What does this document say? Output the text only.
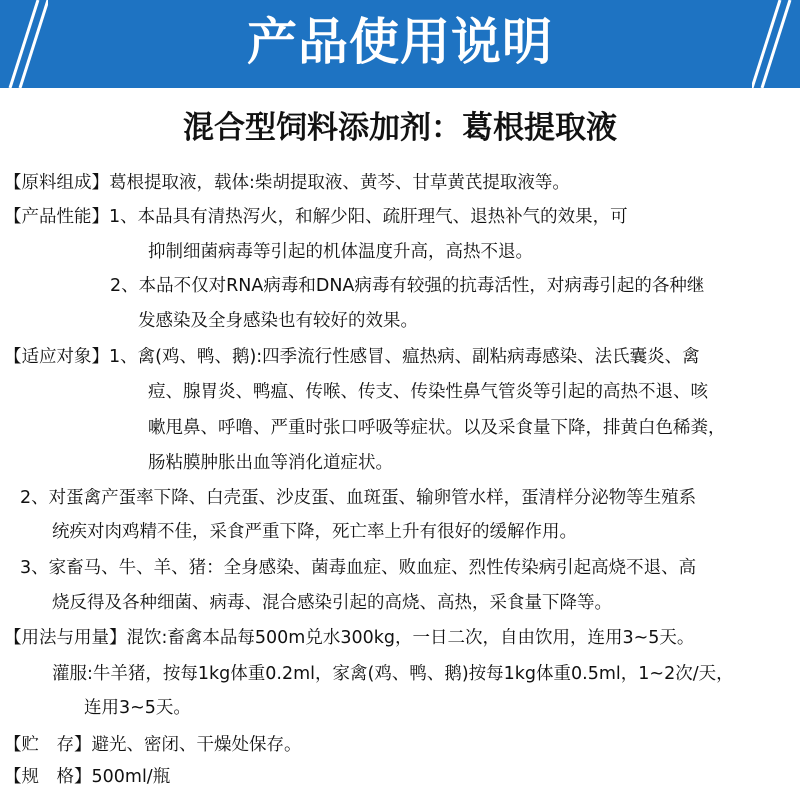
产品使用说明
混合型饲料添加剂：葛根提取液
【原料组成】葛根提取液，载体:柴胡提取液、黄芩、甘草黄芪提取液等。
【产品性能】1、本品具有清热泻火，和解少阳、疏肝理气、退热补气的效果，可
抑制细菌病毒等引起的机体温度升高，高热不退。
2、本品不仅对RNA病毒和DNA病毒有较强的抗毒活性，对病毒引起的各种继
发感染及全身感染也有较好的效果。
【适应对象】1、禽(鸡、鸭、鹅):四季流行性感冒、瘟热病、副粘病毒感染、法氏囊炎、禽
痘、腺胃炎、鸭瘟、传喉、传支、传染性鼻气管炎等引起的高热不退、咳
嗽甩鼻、呼噜、严重时张口呼吸等症状。以及采食量下降，排黄白色稀粪，
肠粘膜肿胀出血等消化道症状。
2、对蛋禽产蛋率下降、白壳蛋、沙皮蛋、血斑蛋、输卵管水样，蛋清样分泌物等生殖系
统疾对肉鸡精不佳，采食严重下降，死亡率上升有很好的缓解作用。
3、家畜马、牛、羊、猪：全身感染、菌毒血症、败血症、烈性传染病引起高烧不退、高
烧反得及各种细菌、病毒、混合感染引起的高烧、高热，采食量下降等。
【用法与用量】混饮:畜禽本品每500m兑水300kg，一日二次，自由饮用，连用3~5天。
灌服:牛羊猪，按每1kg体重0.2ml，家禽(鸡、鸭、鹅)按每1kg体重0.5ml，1~2次/天，
连用3~5天。
【贮　存】避光、密闭、干燥处保存。
【规　格】500ml/瓶
